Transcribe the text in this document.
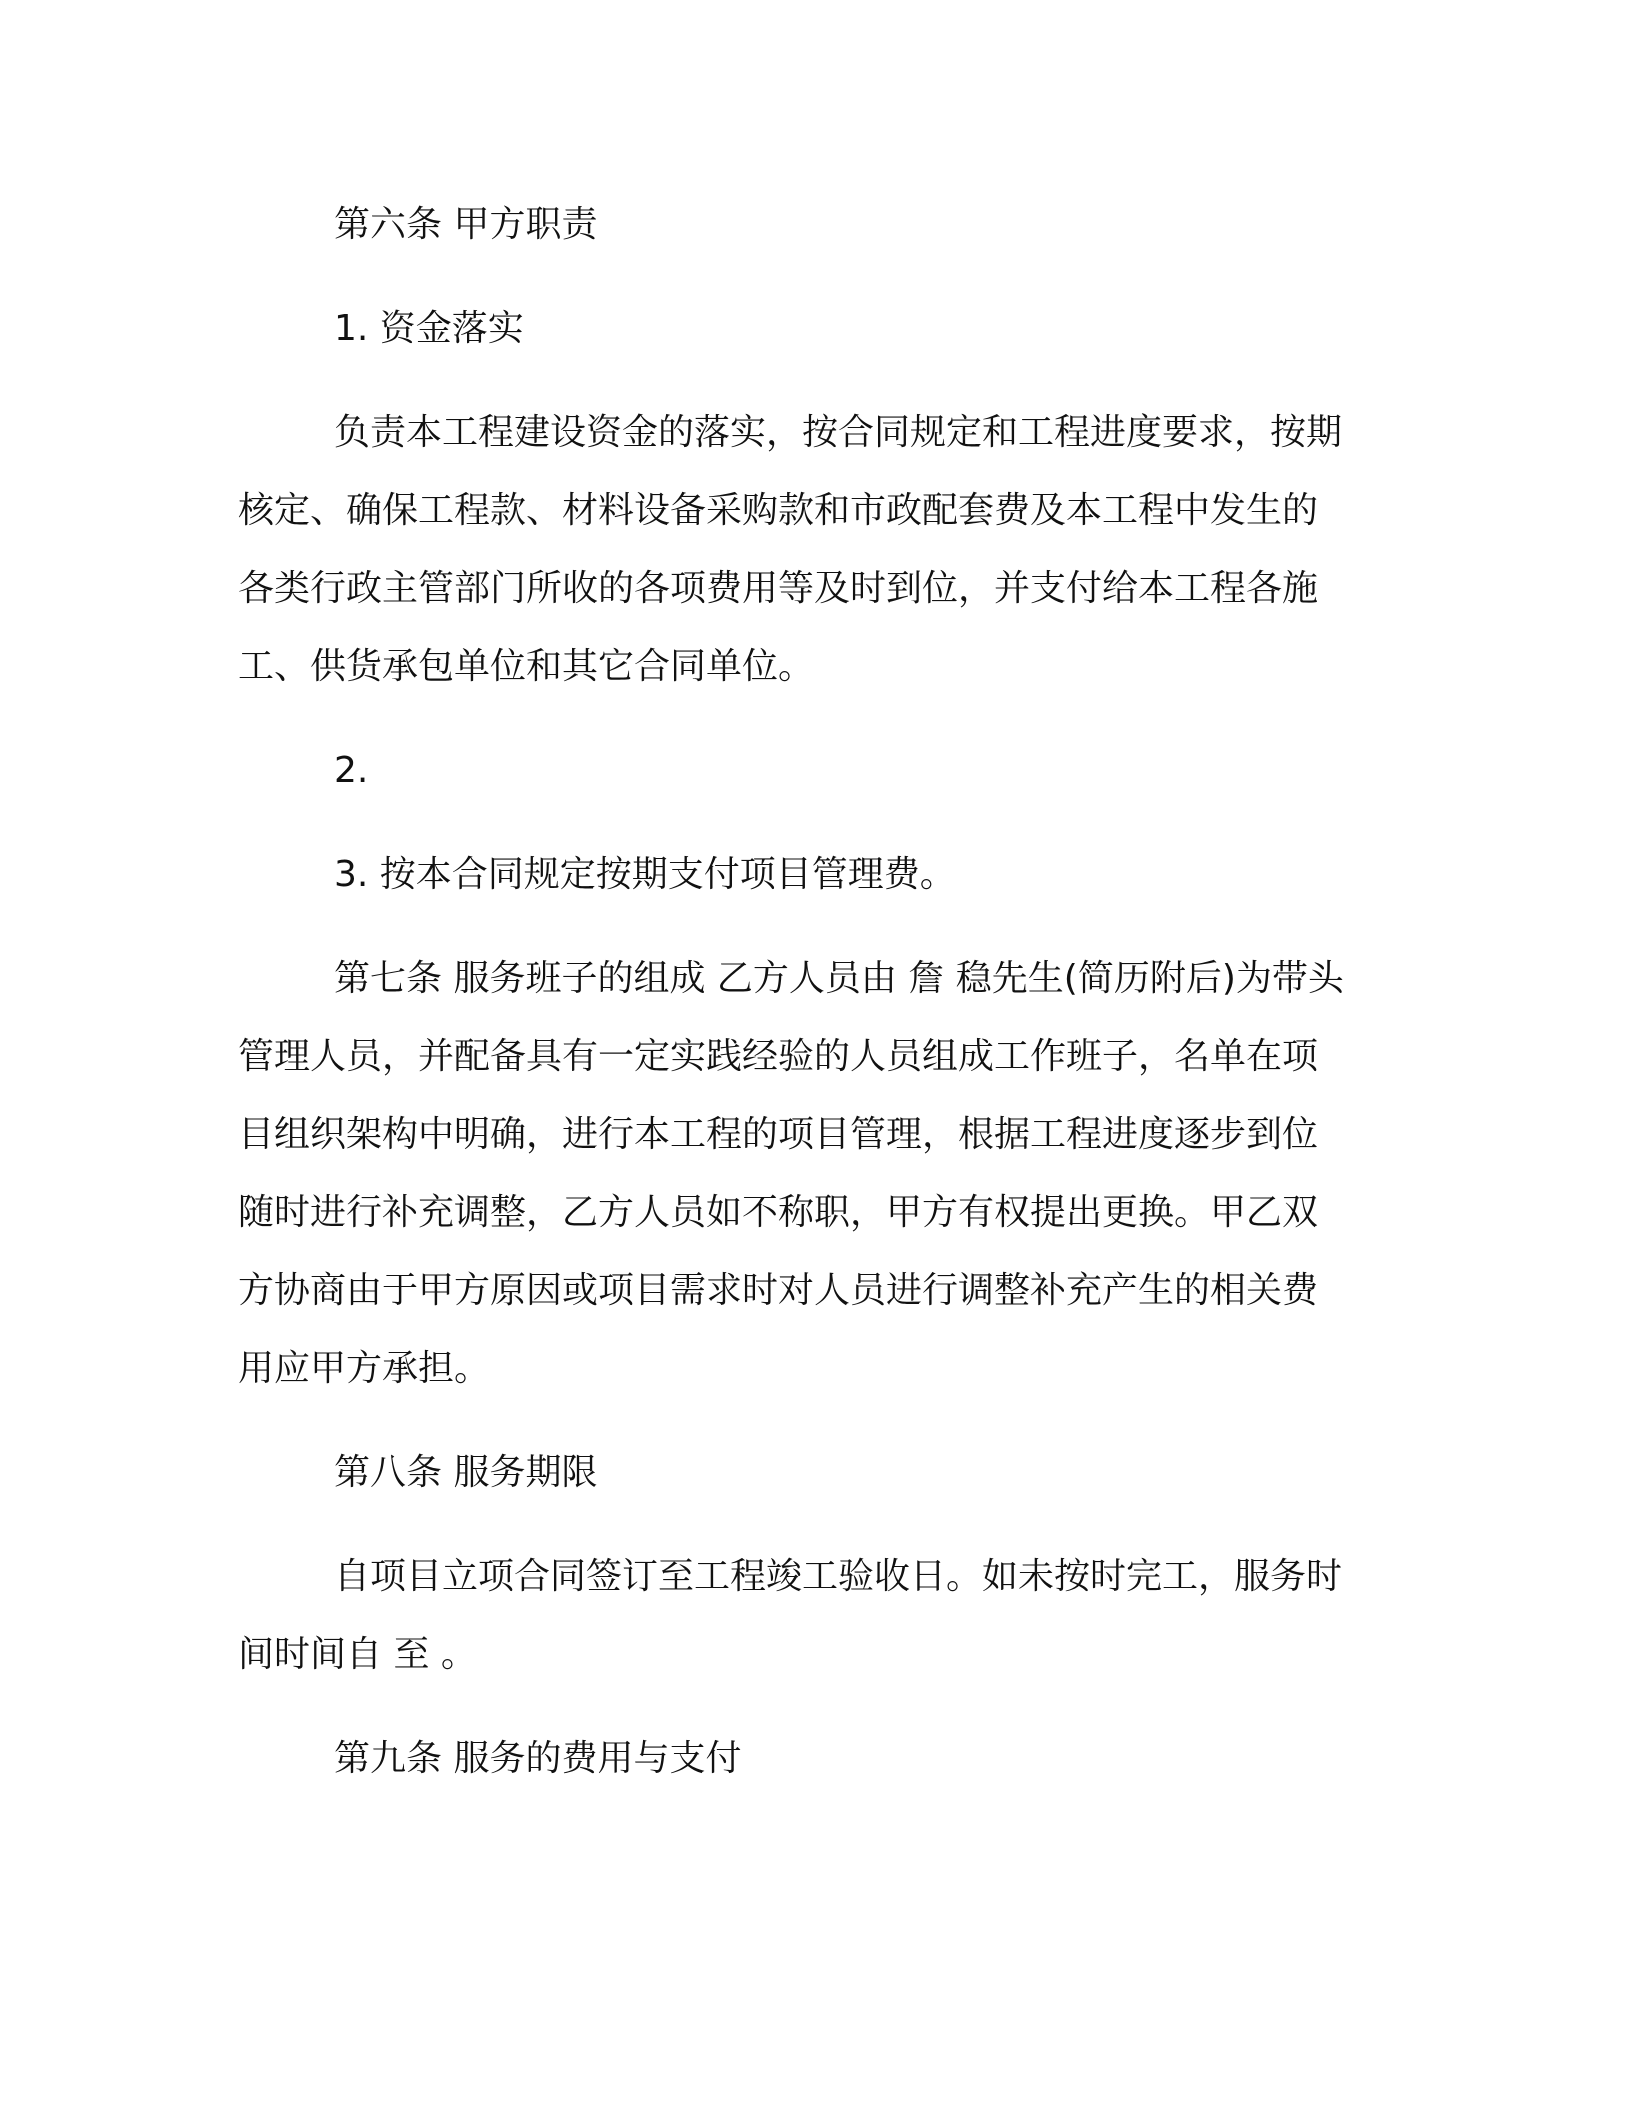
第六条 甲方职责
1. 资金落实
负责本工程建设资金的落实，按合同规定和工程进度要求，按期
核定、确保工程款、材料设备采购款和市政配套费及本工程中发生的
各类行政主管部门所收的各项费用等及时到位，并支付给本工程各施
工、供货承包单位和其它合同单位。
2.
3. 按本合同规定按期支付项目管理费。
第七条 服务班子的组成 乙方人员由 詹 稳先生(简历附后)为带头
管理人员，并配备具有一定实践经验的人员组成工作班子，名单在项
目组织架构中明确，进行本工程的项目管理，根据工程进度逐步到位
随时进行补充调整，乙方人员如不称职，甲方有权提出更换。甲乙双
方协商由于甲方原因或项目需求时对人员进行调整补充产生的相关费
用应甲方承担。
第八条 服务期限
自项目立项合同签订至工程竣工验收日。如未按时完工，服务时
间时间自 至 。
第九条 服务的费用与支付
